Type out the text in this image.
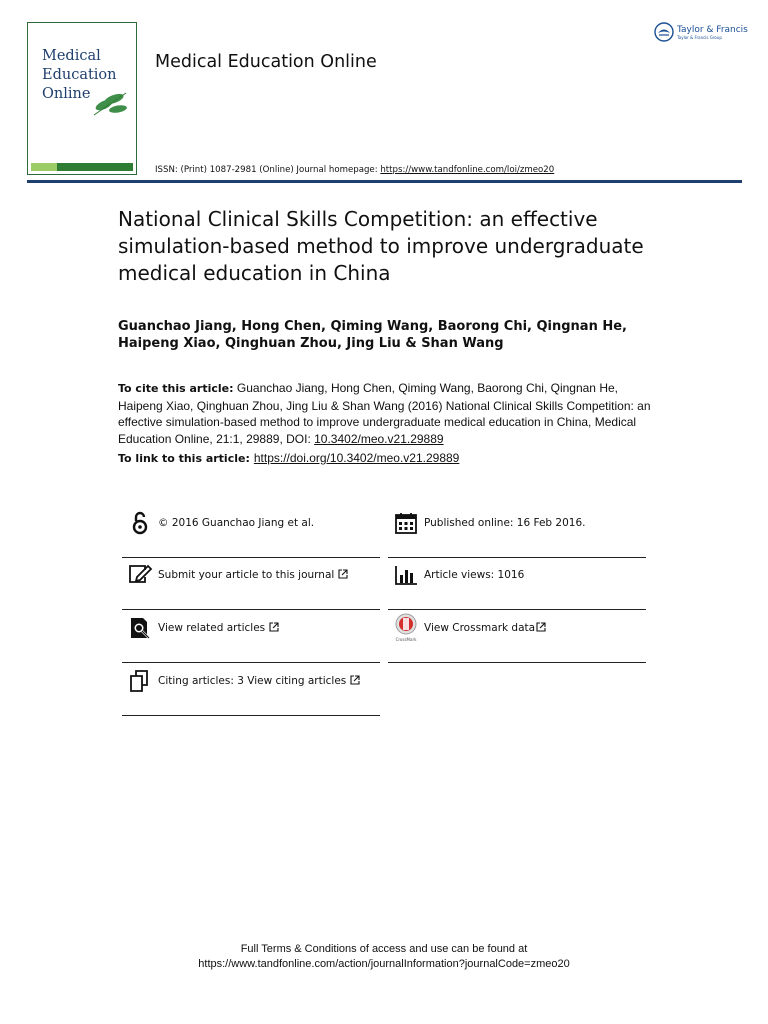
Medical
Education
Online
Medical Education Online
Taylor & Francis
Taylor & Francis Group
ISSN: (Print) 1087-2981 (Online) Journal homepage: https://www.tandfonline.com/loi/zmeo20
National Clinical Skills Competition: an effective simulation-based method to improve undergraduate medical education in China
Guanchao Jiang, Hong Chen, Qiming Wang, Baorong Chi, Qingnan He, Haipeng Xiao, Qinghuan Zhou, Jing Liu & Shan Wang
To cite this article: Guanchao Jiang, Hong Chen, Qiming Wang, Baorong Chi, Qingnan He, Haipeng Xiao, Qinghuan Zhou, Jing Liu & Shan Wang (2016) National Clinical Skills Competition: an effective simulation-based method to improve undergraduate medical education in China, Medical Education Online, 21:1, 29889, DOI: 10.3402/meo.v21.29889
To link to this article: https://doi.org/10.3402/meo.v21.29889
© 2016 Guanchao Jiang et al.	Published online: 16 Feb 2016.
Submit your article to this journal	Article views: 1016
View related articles
CrossMark
View Crossmark data
Citing articles: 3 View citing articles
Full Terms & Conditions of access and use can be found at
https://www.tandfonline.com/action/journalInformation?journalCode=zmeo20
